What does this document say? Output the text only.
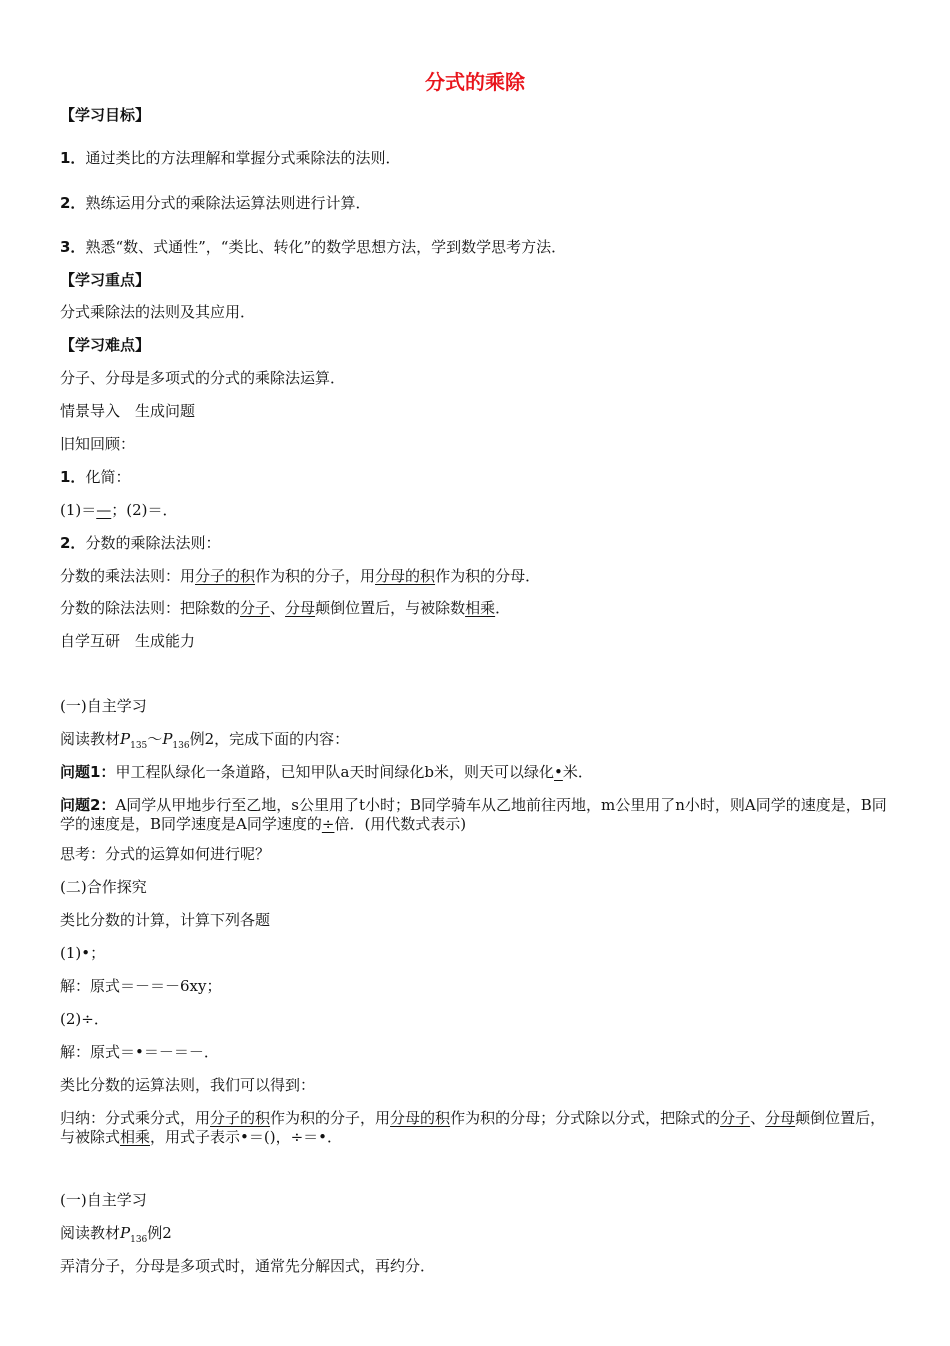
分式的乘除
【学习目标】
1．通过类比的方法理解和掌握分式乘除法的法则．
2．熟练运用分式的乘除法运算法则进行计算．
3．熟悉“数、式通性”，“类比、转化”的数学思想方法，学到数学思考方法．
【学习重点】
分式乘除法的法则及其应用．
【学习难点】
分子、分母是多项式的分式的乘除法运算．
情景导入　生成问题
旧知回顾：
1．化简：
(1)＝—；(2)＝．
2．分数的乘除法法则：
分数的乘法法则：用分子的积作为积的分子，用分母的积作为积的分母．
分数的除法法则：把除数的分子、分母颠倒位置后，与被除数相乘．
自学互研　生成能力
(一)自主学习
阅读教材$P_{135}\sim P_{136}$例2，完成下面的内容：
问题1：甲工程队绿化一条道路，已知甲队a天时间绿化b米，则天可以绿化•米．
问题2：A同学从甲地步行至乙地，s公里用了t小时；B同学骑车从乙地前往丙地，m公里用了n小时，则A同学的速度是，B同学的速度是，B同学速度是A同学速度的÷倍．(用代数式表示)
思考：分式的运算如何进行呢？
(二)合作探究
类比分数的计算，计算下列各题
(1)•；
解：原式＝－＝－6xy；
(2)÷．
解：原式＝•＝－＝－．
类比分数的运算法则，我们可以得到：
归纳：分式乘分式，用分子的积作为积的分子，用分母的积作为积的分母；分式除以分式，把除式的分子、分母颠倒位置后，与被除式相乘，用式子表示•＝()，÷＝•．
(一)自主学习
阅读教材$P_{136}$例2
弄清分子，分母是多项式时，通常先分解因式，再约分．
